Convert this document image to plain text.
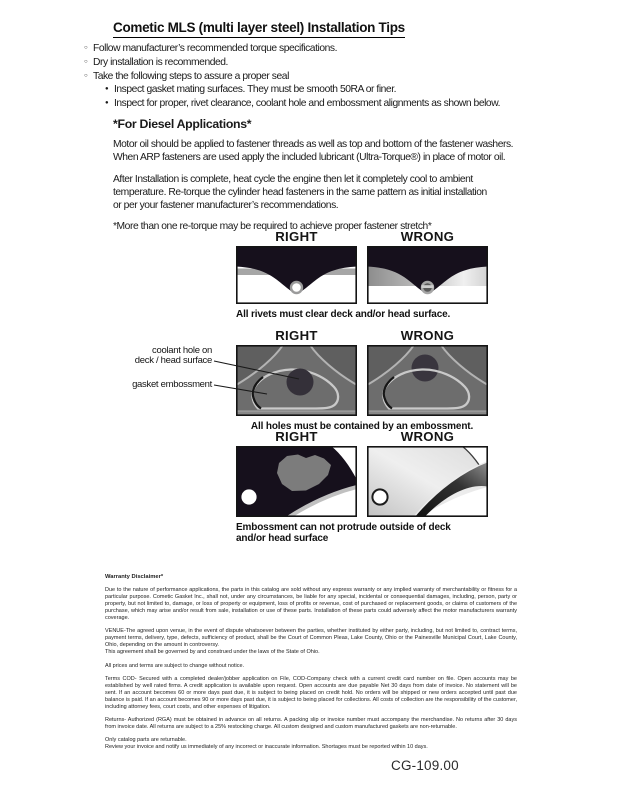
Cometic MLS (multi layer steel) Installation Tips
○ Follow manufacturer’s recommended torque specifications.
○ Dry installation is recommended.
○ Take the following steps to assure a proper seal
● Inspect gasket mating surfaces. They must be smooth 50RA or finer.
● Inspect for proper, rivet clearance, coolant hole and embossment alignments as shown below.
*For Diesel Applications*
Motor oil should be applied to fastener threads as well as top and bottom of the fastener washers.
When ARP fasteners are used apply the included lubricant (Ultra-Torque®) in place of motor oil.
After Installation is complete, heat cycle the engine then let it completely cool to ambient
temperature. Re-torque the cylinder head fasteners in the same pattern as initial installation
or per your fastener manufacturer’s recommendations.
*More than one re-torque may be required to achieve proper fastener stretch*
RIGHT	WRONG
All rivets must clear deck and/or head surface.
RIGHT	WRONG
All holes must be contained by an embossment.
RIGHT	WRONG
Embossment can not protrude outside of deck
and/or head surface
coolant hole on
deck / head surface
gasket embossment
Warranty Disclaimer*
Due to the nature of performance applications, the parts in this catalog are sold without any express warranty or any implied warranty of merchantability or fitness for a particular purpose. Cometic Gasket Inc., shall not, under any circumstances, be liable for any special, incidental or consequential damages, including, person, party or property, but not limited to, damage, or loss of property or equipment, loss of profits or revenue, cost of purchased or replacement goods, or claims of customers of the purchase, which may arise and/or result from sale, installation or use of these parts. Installation of these parts could adversely affect the motor manufacturers warranty coverage.
VENUE-The agreed upon venue, in the event of dispute whatsoever between the parties, whether instituted by either party, including, but not limited to, contract terms, payment terms, delivery, type, defects, sufficiency of product, shall be the Court of Common Pleas, Lake County, Ohio or the Painesville Municipal Court, Lake County, Ohio, depending on the amount in controversy.
This agreement shall be governed by and construed under the laws of the State of Ohio.
All prices and terms are subject to change without notice.
Terms COD- Secured with a completed dealer/jobber application on File, COD-Company check with a current credit card number on file. Open accounts may be established by well rated firms. A credit application is available upon request. Open accounts are due payable Net 30 days from date of invoice. No statement will be sent. If an account becomes 60 or more days past due, it is subject to being placed on credit hold. No orders will be shipped or new orders accepted until past due balance is paid. If an account becomes 90 or more days past due, it is subject to being placed for collections. All costs of collection are the responsibility of the customer, including attorney fees, court costs, and other expenses of litigation.
Returns- Authorized (RGA) must be obtained in advance on all returns. A packing slip or invoice number must accompany the merchandise. No returns after 30 days from invoice date. All returns are subject to a 25% restocking charge. All custom designed and custom manufactured gaskets are non-returnable.
Only catalog parts are returnable.
Review your invoice and notify us immediately of any incorrect or inaccurate information. Shortages must be reported within 10 days.
CG-109.00
